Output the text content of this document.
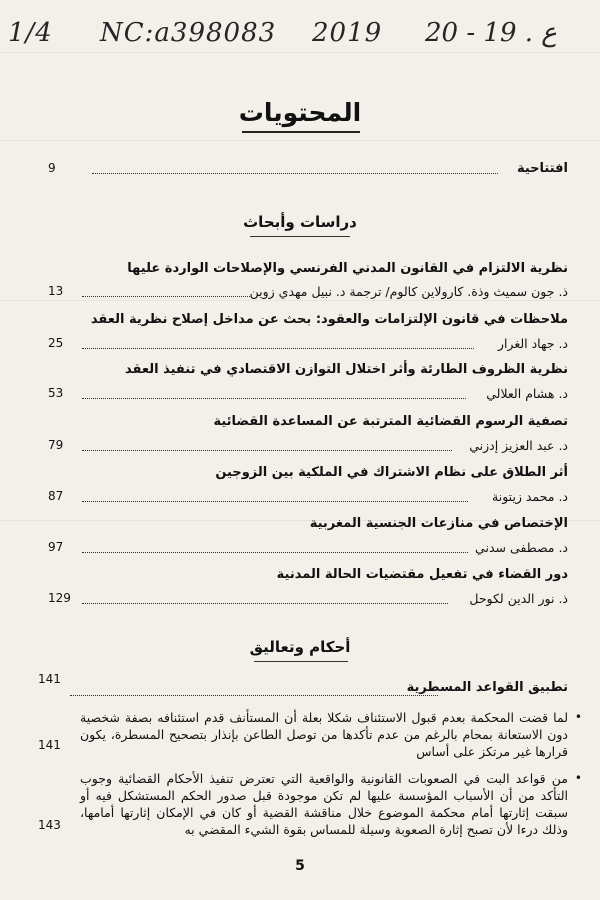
1/4 NC:a398083 2019 20 - 19 . ع
المحتويات
افتتاحية
9
دراسات وأبحاث
نظرية الالتزام في القانون المدني الفرنسي والإصلاحات الواردة عليها
ذ. جون سميث وذة. كارولاين كالوم/ ترجمة د. نبيل مهدي زوين
13
ملاحظات في قانون الإلتزامات والعقود: بحث عن مداخل إصلاح نظرية العقد
د. جهاد الغرار
25
نظرية الظروف الطارئة وأثر اختلال التوازن الاقتصادي في تنفيذ العقد
د. هشام العلالي
53
تصفية الرسوم القضائية المترتبة عن المساعدة القضائية
د. عبد العزيز إدزني
79
أثر الطلاق على نظام الاشتراك في الملكية بين الزوجين
د. محمد زيتونة
87
الإختصاص في منازعات الجنسية المغربية
د. مصطفى سدني
97
دور القضاء في تفعيل مقتضيات الحالة المدنية
ذ. نور الدين لكوحل
129
أحكام وتعاليق
تطبيق القواعد المسطرية
141
•
لما قضت المحكمة بعدم قبول الاستئناف شكلا بعلة أن المستأنف قدم استئنافه بصفة شخصية دون الاستعانة بمحام بالرغم من عدم تأكدها من توصل الطاعن بإنذار بتصحيح المسطرة، يكون قرارها غير مرتكز على أساس
141
•
من قواعد البت في الصعوبات القانونية والواقعية التي تعترض تنفيذ الأحكام القضائية وجوب التأكد من أن الأسباب المؤسسة عليها لم تكن موجودة قبل صدور الحكم المستشكل فيه أو سبقت إثارتها أمام محكمة الموضوع خلال مناقشة القضية أو كان في الإمكان إثارتها أمامها، وذلك درءا لأن تصبح إثارة الصعوبة وسيلة للمساس بقوة الشيء المقضي به
143
5
